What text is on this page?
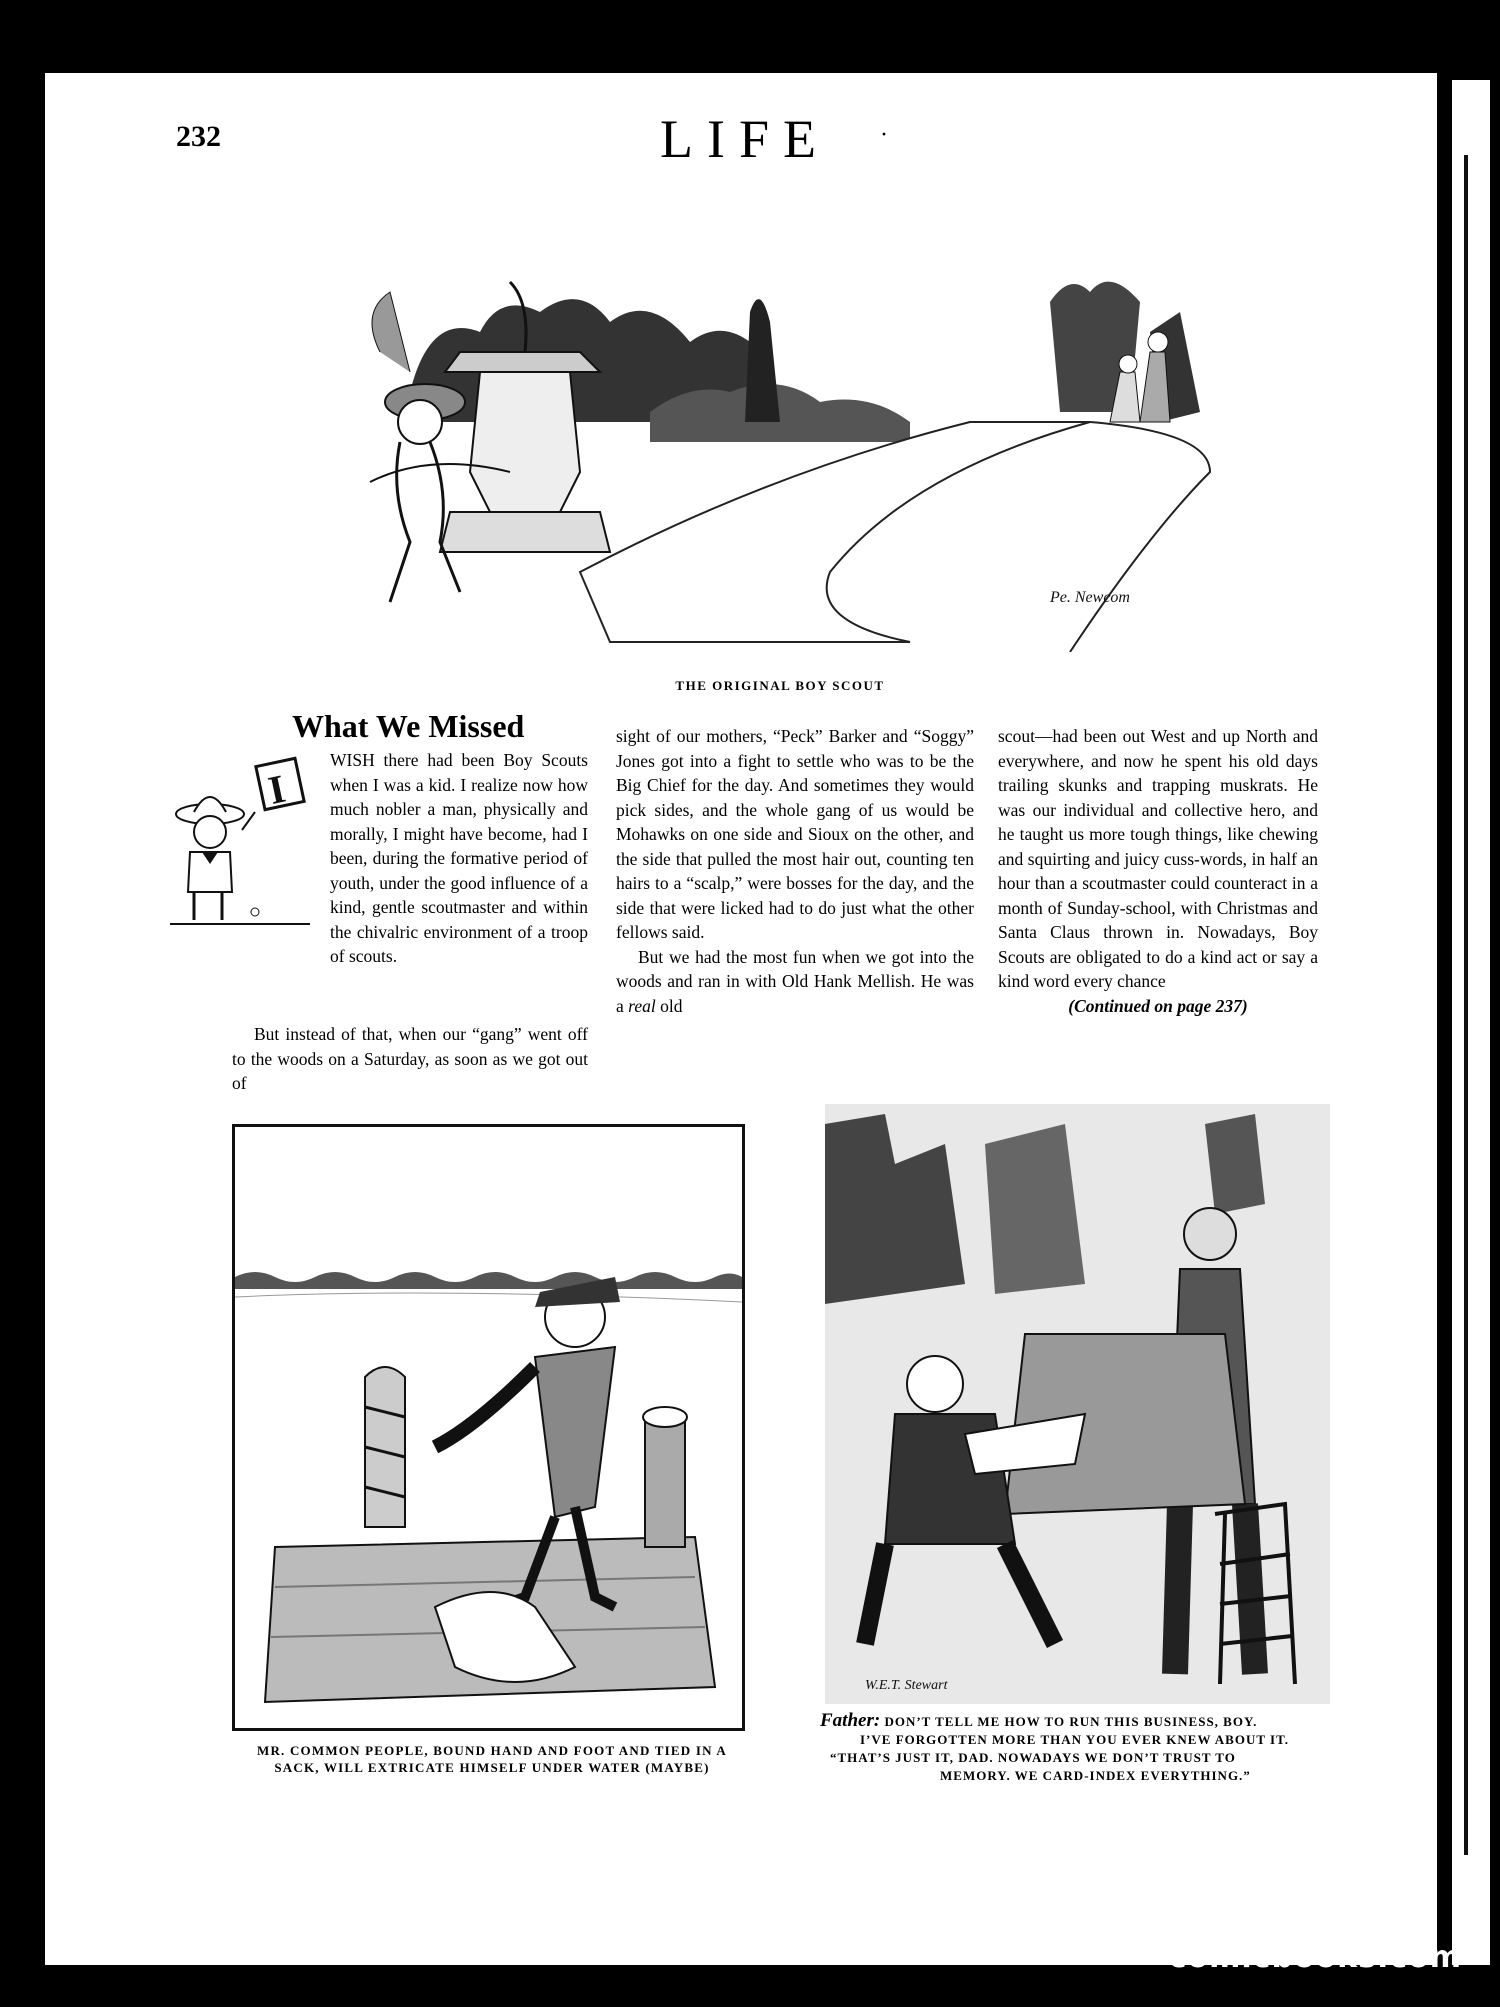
232	LIFE ·
Pe. Newcom
THE ORIGINAL BOY SCOUT
What We Missed
I

WISH there had been Boy Scouts when I was a kid. I realize now how much nobler a man, physically and morally, I might have become, had I been, during the formative period of youth, under the good influence of a kind, gentle scoutmaster and within the chivalric environment of a troop of scouts.

But instead of that, when our “gang” went off to the woods on a Saturday, as soon as we got out of

sight of our mothers, “Peck” Barker and “Soggy” Jones got into a fight to settle who was to be the Big Chief for the day. And sometimes they would pick sides, and the whole gang of us would be Mohawks on one side and Sioux on the other, and the side that pulled the most hair out, counting ten hairs to a “scalp,” were bosses for the day, and the side that were licked had to do just what the other fellows said.

But we had the most fun when we got into the woods and ran in with Old Hank Mellish. He was a real old

scout—had been out West and up North and everywhere, and now he spent his old days trailing skunks and trapping muskrats. He was our individual and collective hero, and he taught us more tough things, like chewing and squirting and juicy cuss-words, in half an hour than a scoutmaster could counteract in a month of Sunday-school, with Christmas and Santa Claus thrown in. Nowadays, Boy Scouts are obligated to do a kind act or say a kind word every chance

(Continued on page 237)

MR. COMMON PEOPLE, BOUND HAND AND FOOT AND TIED IN A
SACK, WILL EXTRICATE HIMSELF UNDER WATER (MAYBE)
W.E.T. Stewart
Father: DON’T TELL ME HOW TO RUN THIS BUSINESS, BOY.
I’VE FORGOTTEN MORE THAN YOU EVER KNEW ABOUT IT.
“THAT’S JUST IT, DAD. NOWADAYS WE DON’T TRUST TO
MEMORY. WE CARD-INDEX EVERYTHING.”
comicbooks.com
